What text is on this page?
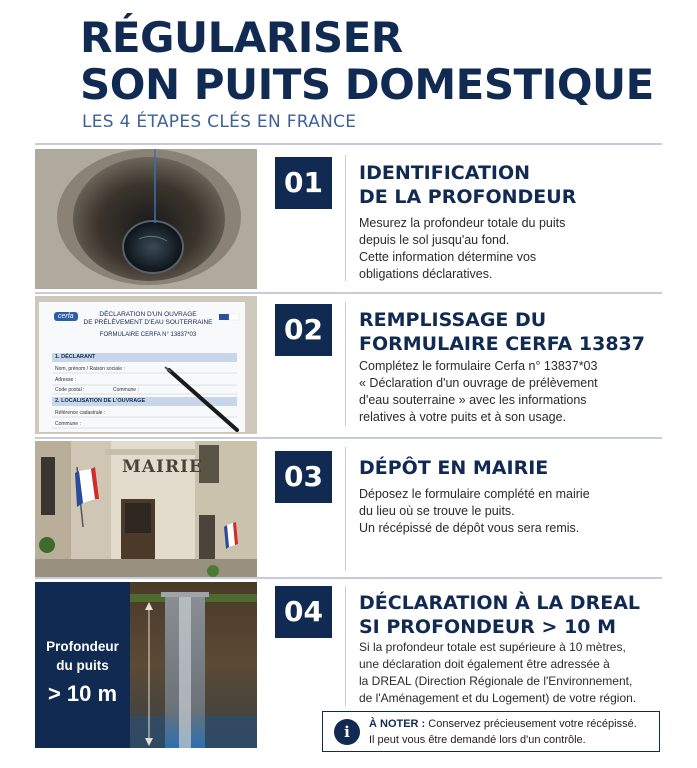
RÉGULARISER
SON PUITS DOMESTIQUE
LES 4 ÉTAPES CLÉS EN FRANCE
01	IDENTIFICATION
DE LA PROFONDEUR
Mesurez la profondeur totale du puits
depuis le sol jusqu'au fond.
Cette information détermine vos
obligations déclaratives.
cerfa	DÉCLARATION D'UN OUVRAGE
DE PRÉLÈVEMENT D'EAU SOUTERRAINE
FORMULAIRE CERFA N° 13837*03
1. DÉCLARANT
Nom, prénom / Raison sociale :
Adresse :
Code postal :	Commune :
2. LOCALISATION DE L'OUVRAGE
Référence cadastrale :
Commune :
02	REMPLISSAGE DU
FORMULAIRE CERFA 13837
Complétez le formulaire Cerfa n° 13837*03
« Déclaration d'un ouvrage de prélèvement
d'eau souterraine » avec les informations
relatives à votre puits et à son usage.
MAIRIE	03	DÉPÔT EN MAIRIE
Déposez le formulaire complété en mairie
du lieu où se trouve le puits.
Un récépissé de dépôt vous sera remis.
Profondeur
du puits
> 10 m
04	DÉCLARATION À LA DREAL
SI PROFONDEUR > 10 M
Si la profondeur totale est supérieure à 10 mètres,
une déclaration doit également être adressée à
la DREAL (Direction Régionale de l'Environnement,
de l'Aménagement et du Logement) de votre région.
i	À NOTER : Conservez précieusement votre récépissé.
Il peut vous être demandé lors d'un contrôle.
